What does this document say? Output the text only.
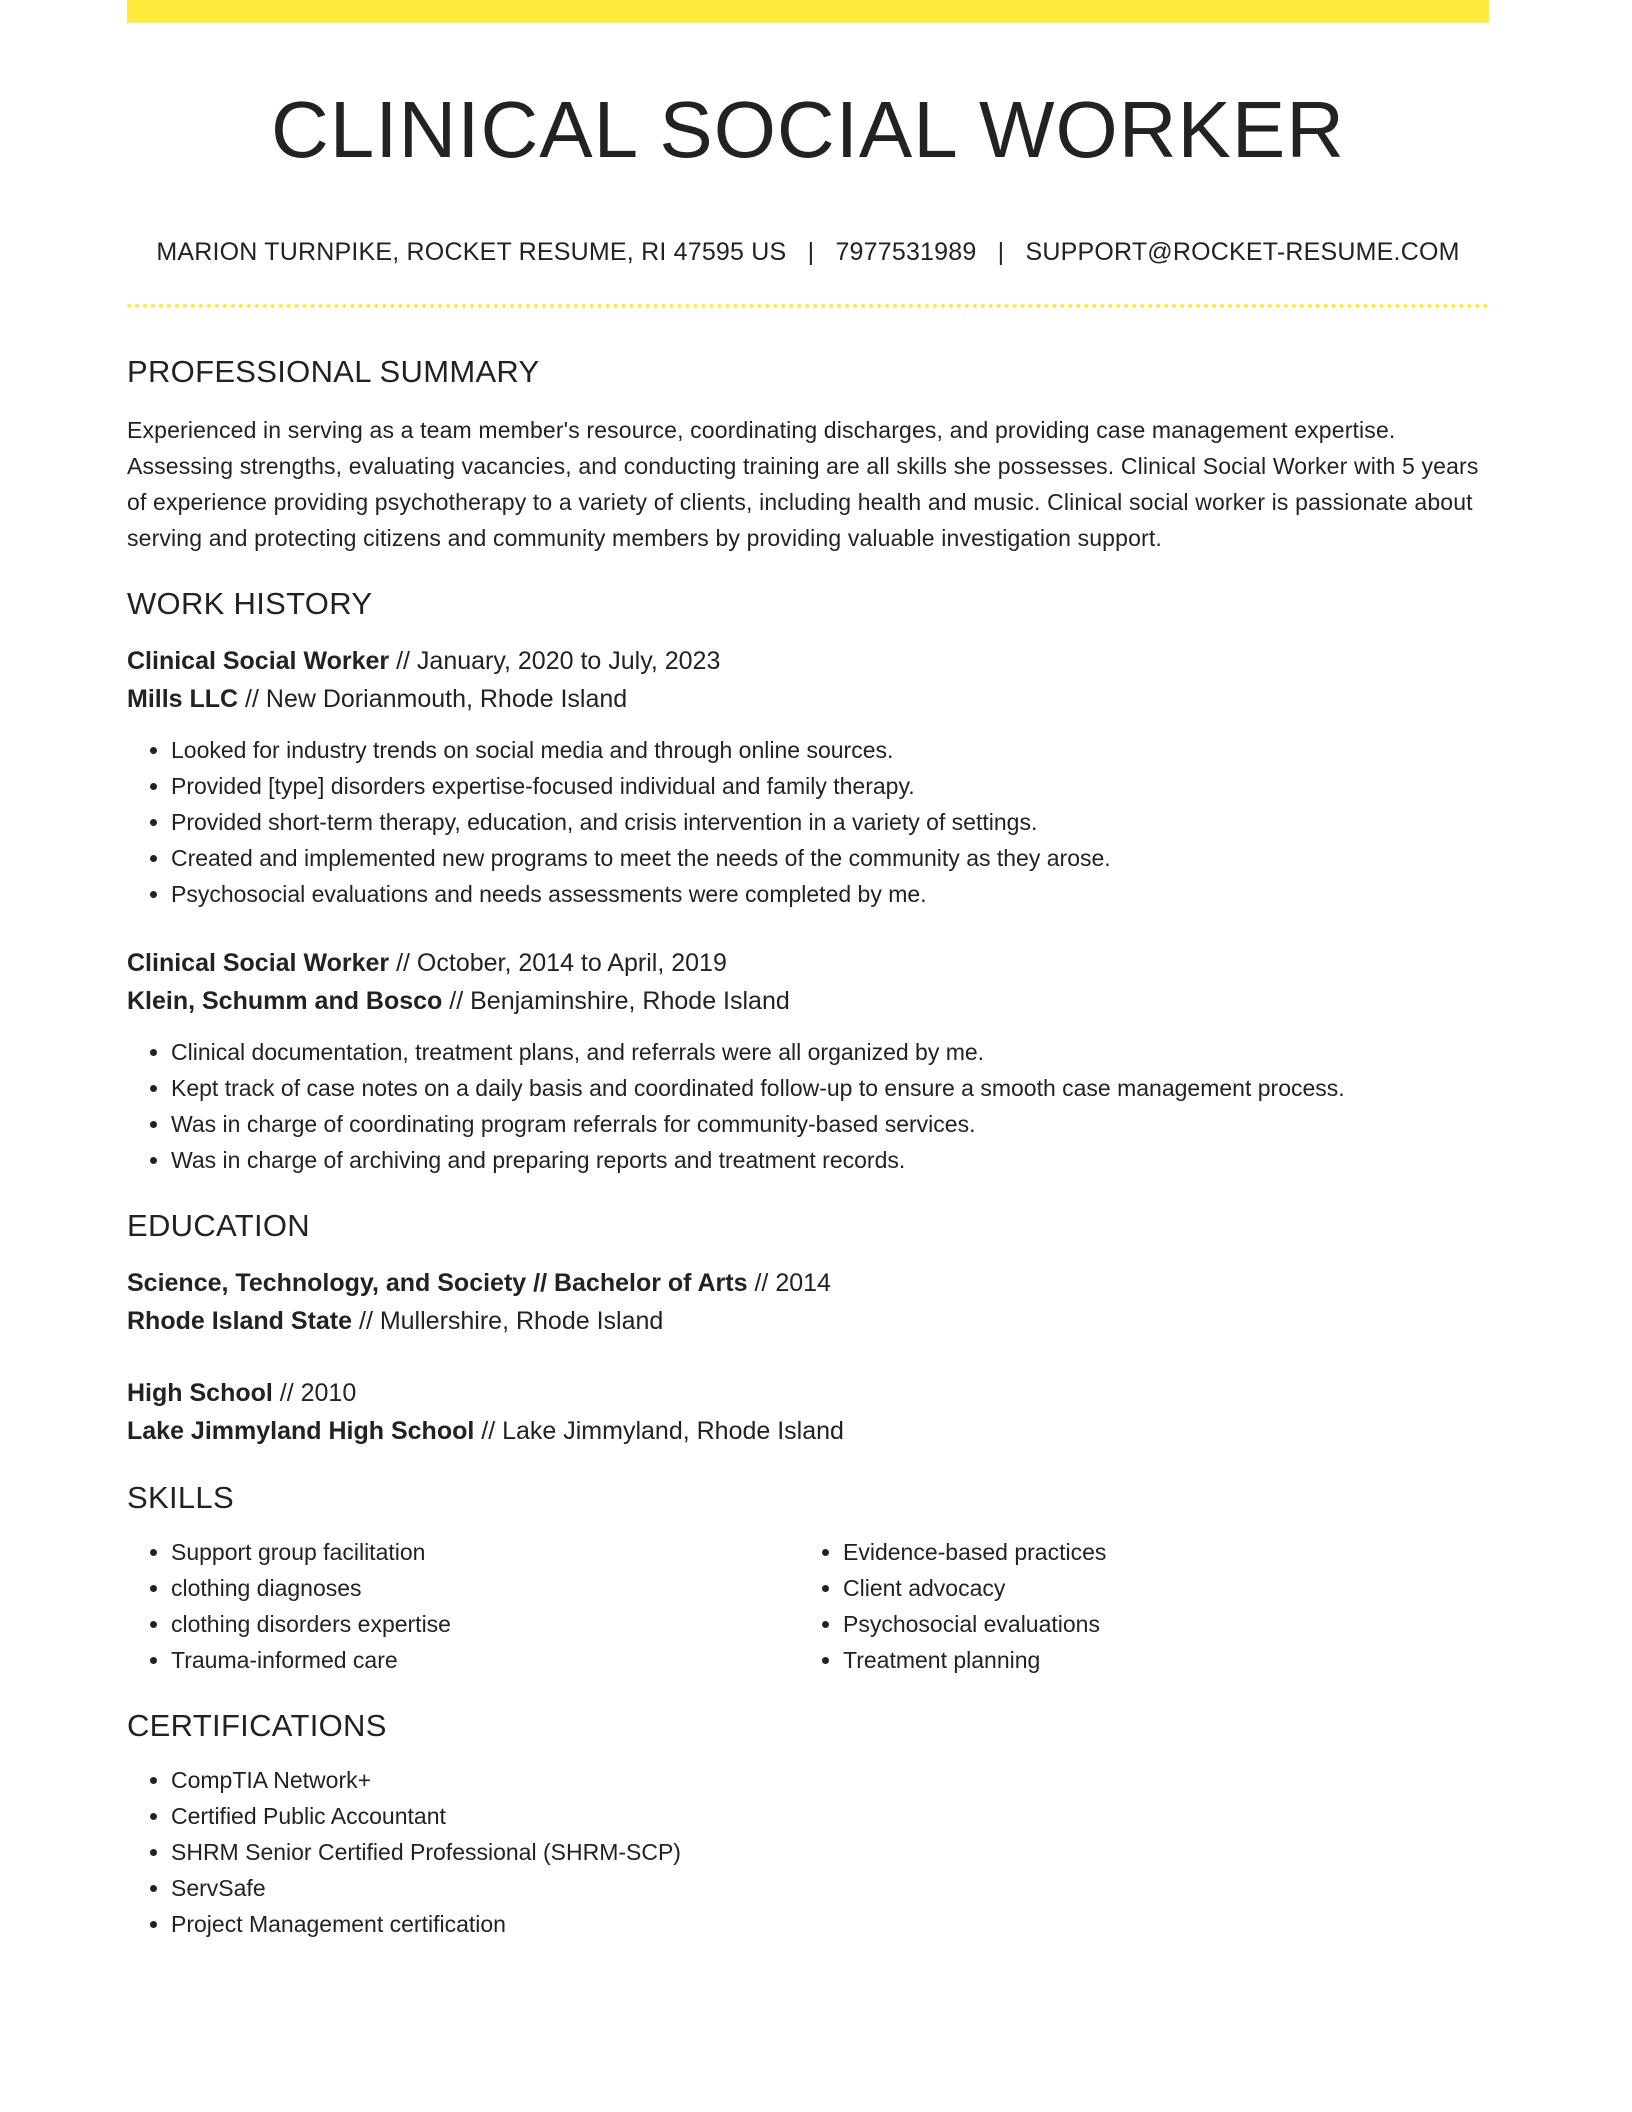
CLINICAL SOCIAL WORKER
MARION TURNPIKE, ROCKET RESUME, RI 47595 US | 7977531989 | SUPPORT@ROCKET-RESUME.COM
PROFESSIONAL SUMMARY
Experienced in serving as a team member's resource, coordinating discharges, and providing case management expertise. Assessing strengths, evaluating vacancies, and conducting training are all skills she possesses. Clinical Social Worker with 5 years of experience providing psychotherapy to a variety of clients, including health and music. Clinical social worker is passionate about serving and protecting citizens and community members by providing valuable investigation support.
WORK HISTORY
Clinical Social Worker // January, 2020 to July, 2023
Mills LLC // New Dorianmouth, Rhode Island
• Looked for industry trends on social media and through online sources.
• Provided [type] disorders expertise-focused individual and family therapy.
• Provided short-term therapy, education, and crisis intervention in a variety of settings.
• Created and implemented new programs to meet the needs of the community as they arose.
• Psychosocial evaluations and needs assessments were completed by me.
Clinical Social Worker // October, 2014 to April, 2019
Klein, Schumm and Bosco // Benjaminshire, Rhode Island
• Clinical documentation, treatment plans, and referrals were all organized by me.
• Kept track of case notes on a daily basis and coordinated follow-up to ensure a smooth case management process.
• Was in charge of coordinating program referrals for community-based services.
• Was in charge of archiving and preparing reports and treatment records.
EDUCATION
Science, Technology, and Society // Bachelor of Arts // 2014
Rhode Island State // Mullershire, Rhode Island
High School // 2010
Lake Jimmyland High School // Lake Jimmyland, Rhode Island
SKILLS
• Support group facilitation
• clothing diagnoses
• clothing disorders expertise
• Trauma-informed care
• Evidence-based practices
• Client advocacy
• Psychosocial evaluations
• Treatment planning
CERTIFICATIONS
• CompTIA Network+
• Certified Public Accountant
• SHRM Senior Certified Professional (SHRM-SCP)
• ServSafe
• Project Management certification
